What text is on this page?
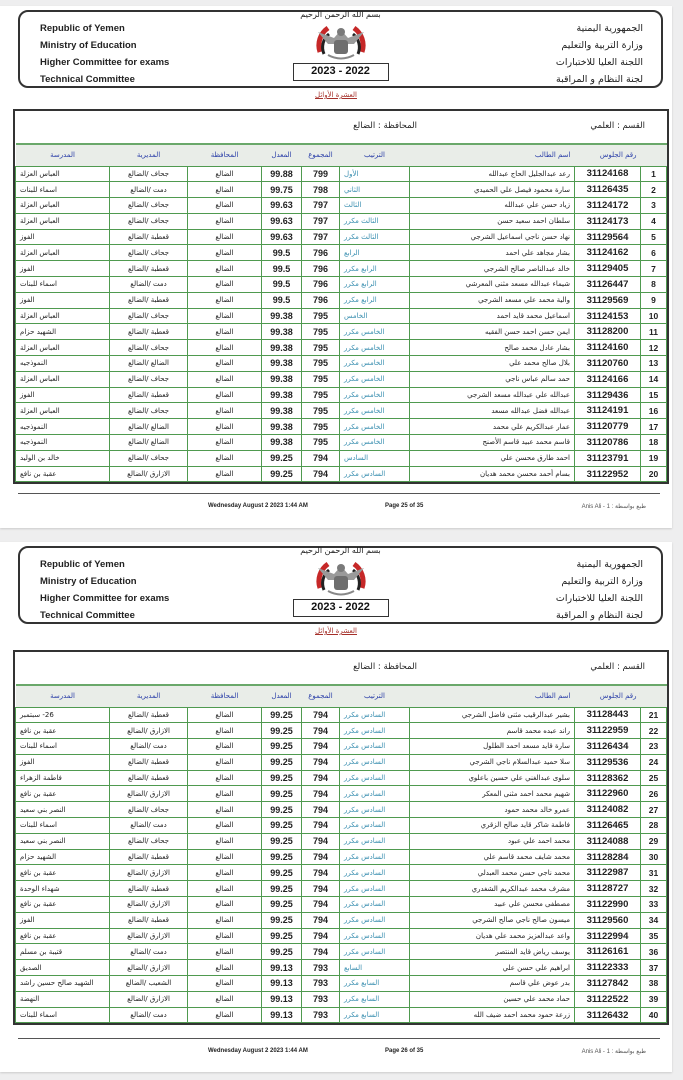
Republic of Yemen
Ministry of Education
Higher Committee for exams
Technical Committee
بسم الله الرحمن الرحيم
2023 - 2022
الجمهورية اليمنية
وزارة التربية والتعليم
اللجنة العليا للاختبارات
لجنة النظام و المراقبة
العشرة الأوائل
القسم : العلمي
المحافظة : الضالع
	رقم الجلوس	اسم الطالب	الترتيب	المجموع	المعدل	المحافظة	المديرية	المدرسة
1	31124168	رعد عبدالجليل الحاج عبدالله	الأول	799	99.88	الضالع	جحاف /الضالع	العباس العزلة
2	31126435	سارة محمود فيصل علي الحميدي	الثاني	798	99.75	الضالع	دمت /الضالع	اسماء للبنات
3	31124172	زياد حسن علي عبدالله	الثالث	797	99.63	الضالع	جحاف /الضالع	العباس العزلة
4	31124173	سلطان احمد سعيد حسن	الثالث مكرر	797	99.63	الضالع	جحاف /الضالع	العباس العزلة
5	31129564	نهاد حسن ناجي اسماعيل الشرجي	الثالث مكرر	797	99.63	الضالع	قعطبة /الضالع	الفوز
6	31124162	بشار مجاهد علي احمد	الرابع	796	99.5	الضالع	جحاف /الضالع	العباس العزلة
7	31129405	خالد عبدالناصر صالح الشرجي	الرابع مكرر	796	99.5	الضالع	قعطبة /الضالع	الفوز
8	31126447	شيماء عبدالله مسعد مثنى المعرشي	الرابع مكرر	796	99.5	الضالع	دمت /الضالع	اسماء للبنات
9	31129569	والية محمد علي مسعد الشرجي	الرابع مكرر	796	99.5	الضالع	قعطبة /الضالع	الفوز
10	31124153	اسماعيل محمد قايد احمد	الخامس	795	99.38	الضالع	جحاف /الضالع	العباس العزلة
11	31128200	ايمن حسن احمد حسن الفقيه	الخامس مكرر	795	99.38	الضالع	قعطبة /الضالع	الشهيد حزام
12	31124160	بشار عادل محمد صالح	الخامس مكرر	795	99.38	الضالع	جحاف /الضالع	العباس العزلة
13	31120760	بلال صالح محمد علي	الخامس مكرر	795	99.38	الضالع	الضالع /الضالع	النموذجيه
14	31124166	حمد سالم عباس ناجي	الخامس مكرر	795	99.38	الضالع	جحاف /الضالع	العباس العزلة
15	31129436	عبدالله علي عبدالله مسعد الشرجي	الخامس مكرر	795	99.38	الضالع	قعطبة /الضالع	الفوز
16	31124191	عبدالله فضل عبدالله مسعد	الخامس مكرر	795	99.38	الضالع	جحاف /الضالع	العباس العزلة
17	31120779	عمار عبدالكريم علي محمد	الخامس مكرر	795	99.38	الضالع	الضالع /الضالع	النموذجيه
18	31120786	قاسم محمد عبيد قاسم الأصنج	الخامس مكرر	795	99.38	الضالع	الضالع /الضالع	النموذجيه
19	31123791	احمد طارق محسن علي	السادس	794	99.25	الضالع	جحاف /الضالع	خالد بن الوليد
20	31122952	بسام أحمد محسن محمد هديان	السادس مكرر	794	99.25	الضالع	الازارق /الضالع	عقبة بن نافع
Wednesday August 2 2023 1:44 AM	Page 25 of 35	طبع بواسطة : 1 - Anis Ali
Republic of Yemen
Ministry of Education
Higher Committee for exams
Technical Committee
بسم الله الرحمن الرحيم
2023 - 2022
الجمهورية اليمنية
وزارة التربية والتعليم
اللجنة العليا للاختبارات
لجنة النظام و المراقبة
العشرة الأوائل
القسم : العلمي
المحافظة : الضالع
	رقم الجلوس	اسم الطالب	الترتيب	المجموع	المعدل	المحافظة	المديرية	المدرسة
21	31128443	بشير عبدالرقيب مثنى فاضل الشرجي	السادس مكرر	794	99.25	الضالع	قعطبة /الضالع	26- سبتمبر
22	31122959	راند عبده محمد قاسم	السادس مكرر	794	99.25	الضالع	الازارق /الضالع	عقبة بن نافع
23	31126434	سارة قايد مسعد احمد الطلول	السادس مكرر	794	99.25	الضالع	دمت /الضالع	اسماء للبنات
24	31129536	سلا حميد عبدالسلام ناجي الشرجي	السادس مكرر	794	99.25	الضالع	قعطبة /الضالع	الفوز
25	31128362	سلوى عبدالغني علي حسين باعلوي	السادس مكرر	794	99.25	الضالع	قعطبة /الضالع	فاطمة الزهراء
26	31122960	شهيم محمد احمد مثنى المعكر	السادس مكرر	794	99.25	الضالع	الازارق /الضالع	عقبة بن نافع
27	31124082	عمرو خالد محمد حمود	السادس مكرر	794	99.25	الضالع	جحاف /الضالع	النصر بني سعيد
28	31126465	فاطمة شاكر قايد صالح الزقري	السادس مكرر	794	99.25	الضالع	دمت /الضالع	اسماء للبنات
29	31124088	محمد احمد علي عبود	السادس مكرر	794	99.25	الضالع	جحاف /الضالع	النصر بني سعيد
30	31128284	محمد شايف محمد قاسم علي	السادس مكرر	794	99.25	الضالع	قعطبة /الضالع	الشهيد حزام
31	31122987	محمد ناجي حسن محمد العبدلي	السادس مكرر	794	99.25	الضالع	الازارق /الضالع	عقبة بن نافع
32	31128727	مشرف محمد عبدالكريم الشغدري	السادس مكرر	794	99.25	الضالع	قعطبة /الضالع	شهداء الوحدة
33	31122990	مصطفى محسن علي عبيد	السادس مكرر	794	99.25	الضالع	الازارق /الضالع	عقبة بن نافع
34	31129560	ميسون صالح ناجي صالح الشرجي	السادس مكرر	794	99.25	الضالع	قعطبة /الضالع	الفوز
35	31122994	واعد عبدالعزيز محمد علي هديان	السادس مكرر	794	99.25	الضالع	الازارق /الضالع	عقبة بن نافع
36	31126161	يوسف رياض قايد المنتصر	السادس مكرر	794	99.25	الضالع	دمت /الضالع	قتيبة بن مسلم
37	31122333	ابراهيم علي حسن علي	السابع	793	99.13	الضالع	الازارق /الضالع	الصديق
38	31127842	بدر عوض علي قاسم	السابع مكرر	793	99.13	الضالع	الشعيب /الضالع	الشهيد صالح حسين راشد
39	31122522	حماد محمد علي حسين	السابع مكرر	793	99.13	الضالع	الازارق /الضالع	النهضة
40	31126432	زرعة حمود محمد احمد ضيف الله	السابع مكرر	793	99.13	الضالع	دمت /الضالع	اسماء للبنات
Wednesday August 2 2023 1:44 AM	Page 26 of 35	طبع بواسطة : 1 - Anis Ali
